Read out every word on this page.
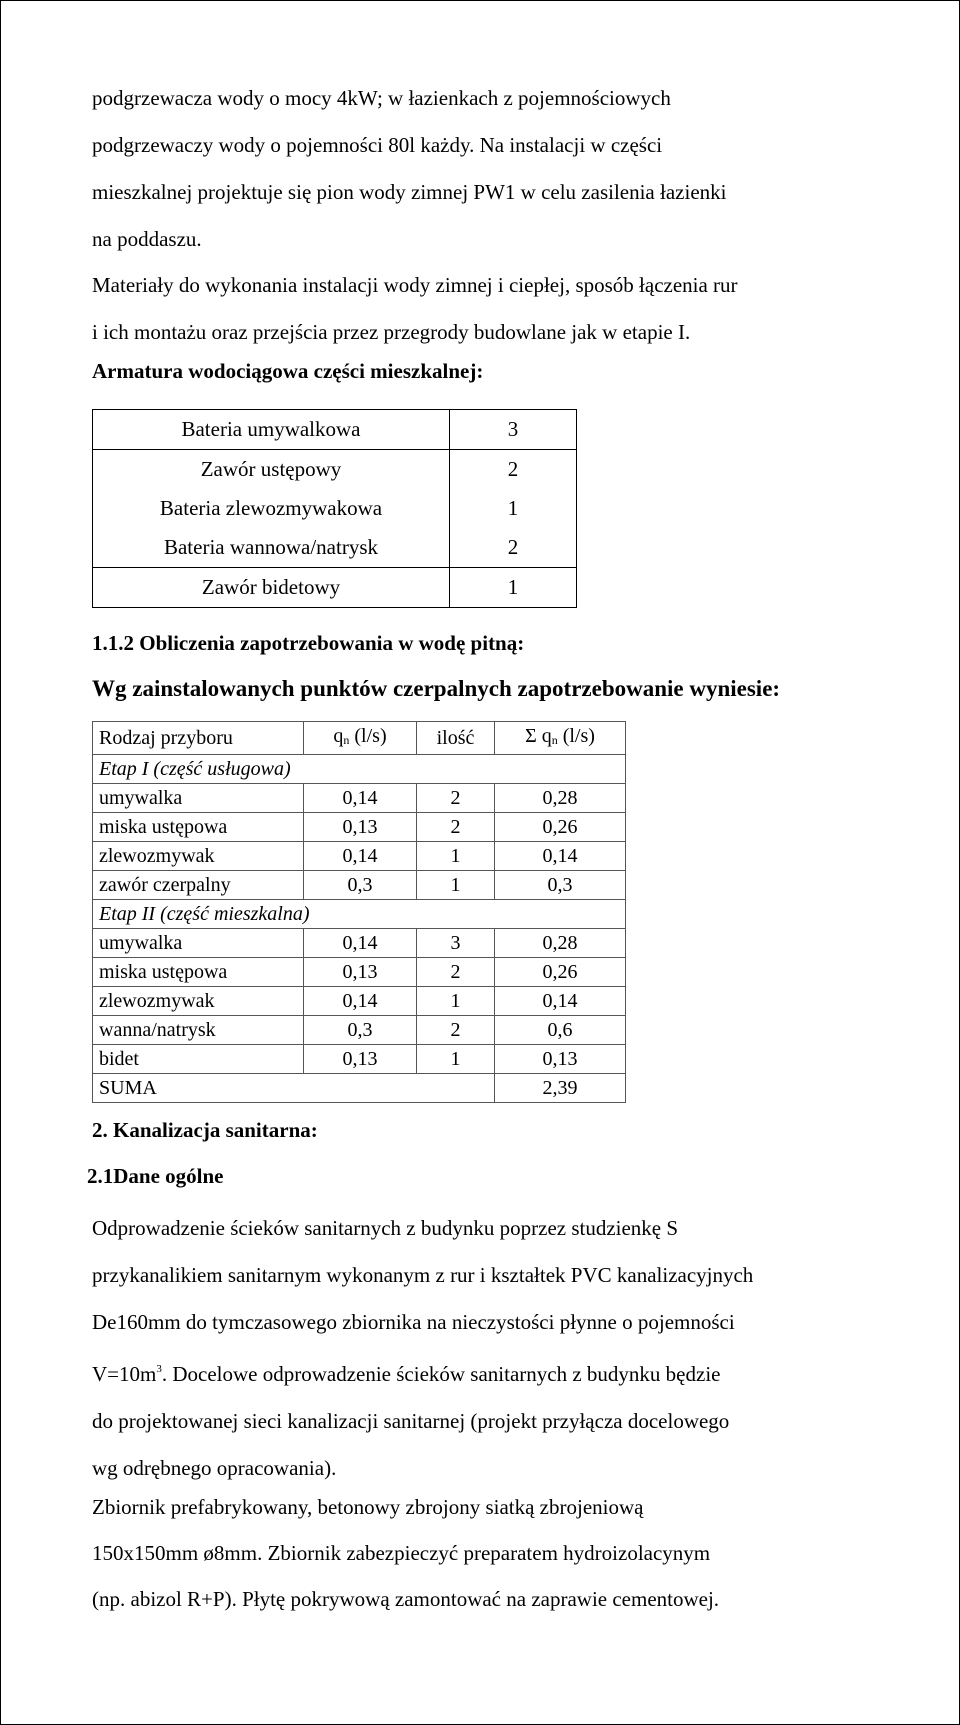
podgrzewacza wody o mocy 4kW; w łazienkach z pojemnościowych
podgrzewaczy wody o pojemności 80l każdy. Na instalacji w części
mieszkalnej projektuje się pion wody zimnej PW1 w celu zasilenia łazienki
na poddaszu.
Materiały do wykonania instalacji wody zimnej i ciepłej, sposób łączenia rur
i ich montażu oraz przejścia przez przegrody budowlane jak w etapie I.
Armatura wodociągowa części mieszkalnej:
Bateria umywalkowa	3
Zawór ustępowy	2
Bateria zlewozmywakowa	1
Bateria wannowa/natrysk	2
Zawór bidetowy	1
1.1.2 Obliczenia zapotrzebowania w wodę pitną:
Wg zainstalowanych punktów czerpalnych zapotrzebowanie wyniesie:
Rodzaj przyboru	$q_n$ (l/s)	ilość	Σ $q_n$ (l/s)
Etap I (część usługowa)			
umywalka	0,14	2	0,28
miska ustępowa	0,13	2	0,26
zlewozmywak	0,14	1	0,14
zawór czerpalny	0,3	1	0,3
Etap II (część mieszkalna)			
umywalka	0,14	3	0,28
miska ustępowa	0,13	2	0,26
zlewozmywak	0,14	1	0,14
wanna/natrysk	0,3	2	0,6
bidet	0,13	1	0,13
SUMA			2,39
2. Kanalizacja sanitarna:
2.1Dane ogólne
Odprowadzenie ścieków sanitarnych z budynku poprzez studzienkę S
przykanalikiem sanitarnym wykonanym z rur i kształtek PVC kanalizacyjnych
De160mm do tymczasowego zbiornika na nieczystości płynne o pojemności
$V=10m^3$. Docelowe odprowadzenie ścieków sanitarnych z budynku będzie
do projektowanej sieci kanalizacji sanitarnej (projekt przyłącza docelowego
wg odrębnego opracowania).
Zbiornik prefabrykowany, betonowy zbrojony siatką zbrojeniową
150x150mm ø8mm. Zbiornik zabezpieczyć preparatem hydroizolacynym
(np. abizol R+P). Płytę pokrywową zamontować na zaprawie cementowej.
